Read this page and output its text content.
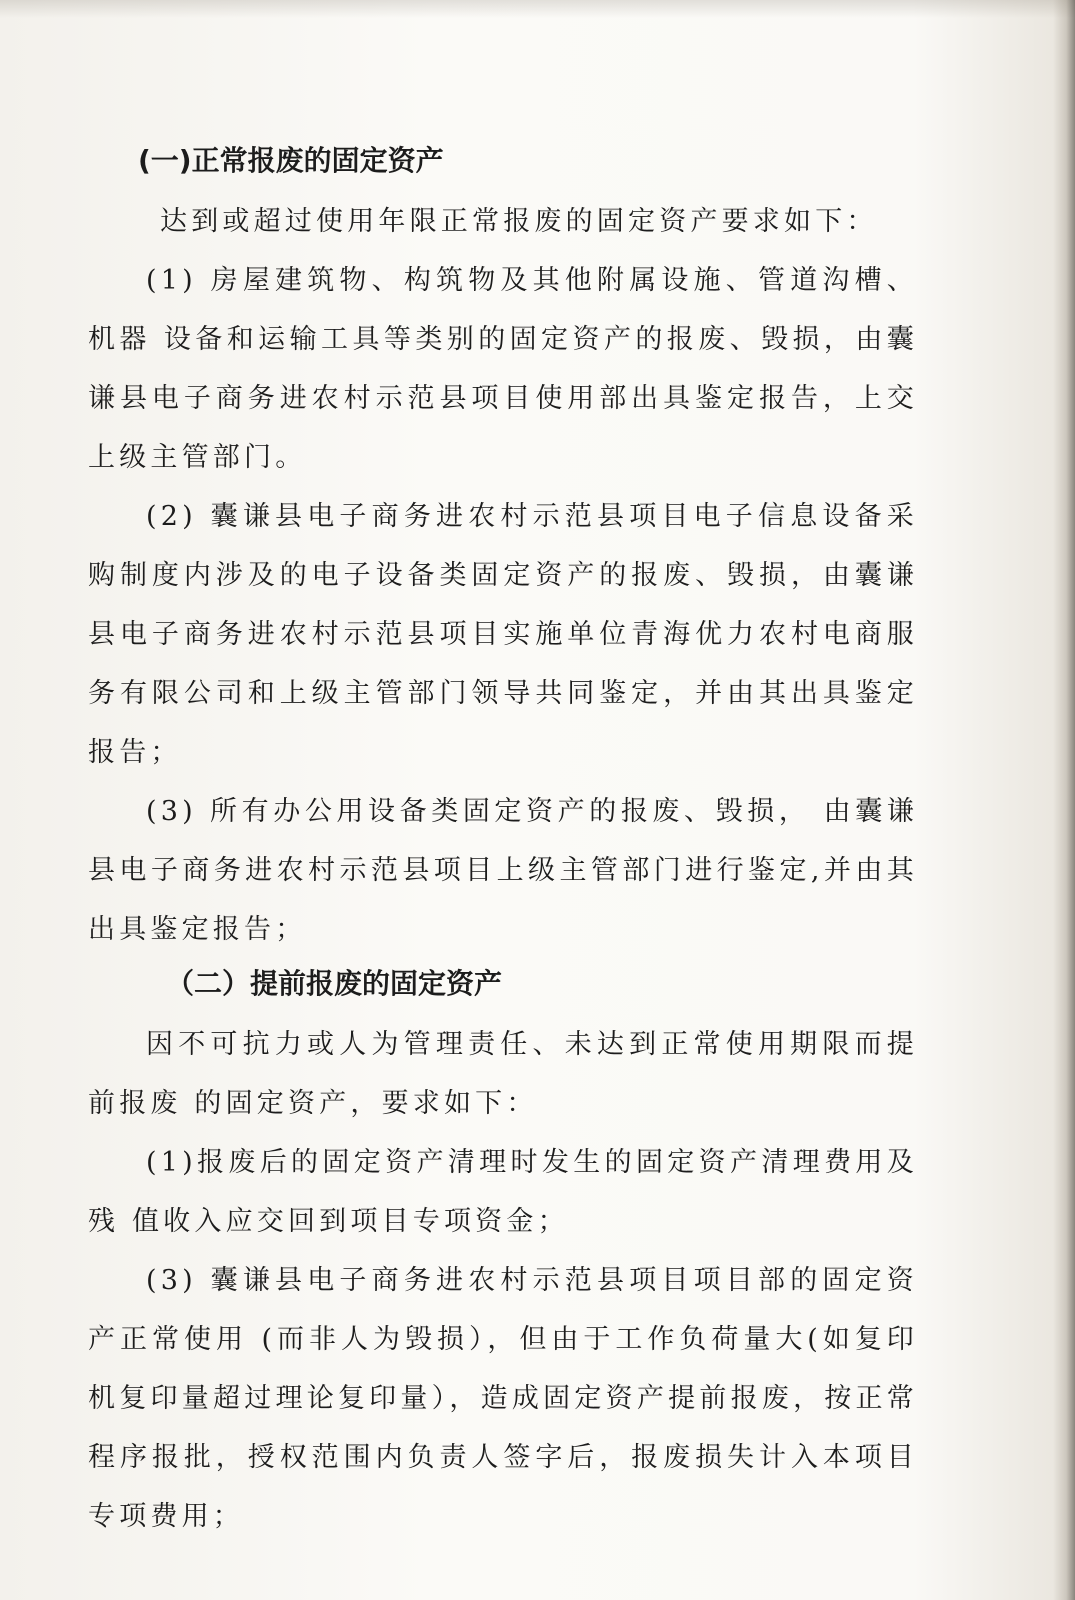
(一)正常报废的固定资产

达到或超过使用年限正常报废的固定资产要求如下：

(1) 房屋建筑物、构筑物及其他附属设施、管道沟槽、机器 设备和运输工具等类别的固定资产的报废、毁损，由囊谦县电子商务进农村示范县项目使用部出具鉴定报告，上交上级主管部门。

(2) 囊谦县电子商务进农村示范县项目电子信息设备采购制度内涉及的电子设备类固定资产的报废、毁损，由囊谦县电子商务进农村示范县项目实施单位青海优力农村电商服务有限公司和上级主管部门领导共同鉴定，并由其出具鉴定报告；

(3) 所有办公用设备类固定资产的报废、毁损， 由囊谦县电子商务进农村示范县项目上级主管部门进行鉴定,并由其出具鉴定报告；

（二）提前报废的固定资产

因不可抗力或人为管理责任、未达到正常使用期限而提前报废 的固定资产，要求如下：

(1)报废后的固定资产清理时发生的固定资产清理费用及残 值收入应交回到项目专项资金；

(3) 囊谦县电子商务进农村示范县项目项目部的固定资产正常使用 (而非人为毁损），但由于工作负荷量大(如复印机复印量超过理论复印量），造成固定资产提前报废，按正常程序报批，授权范围内负责人签字后，报废损失计入本项目专项费用；
